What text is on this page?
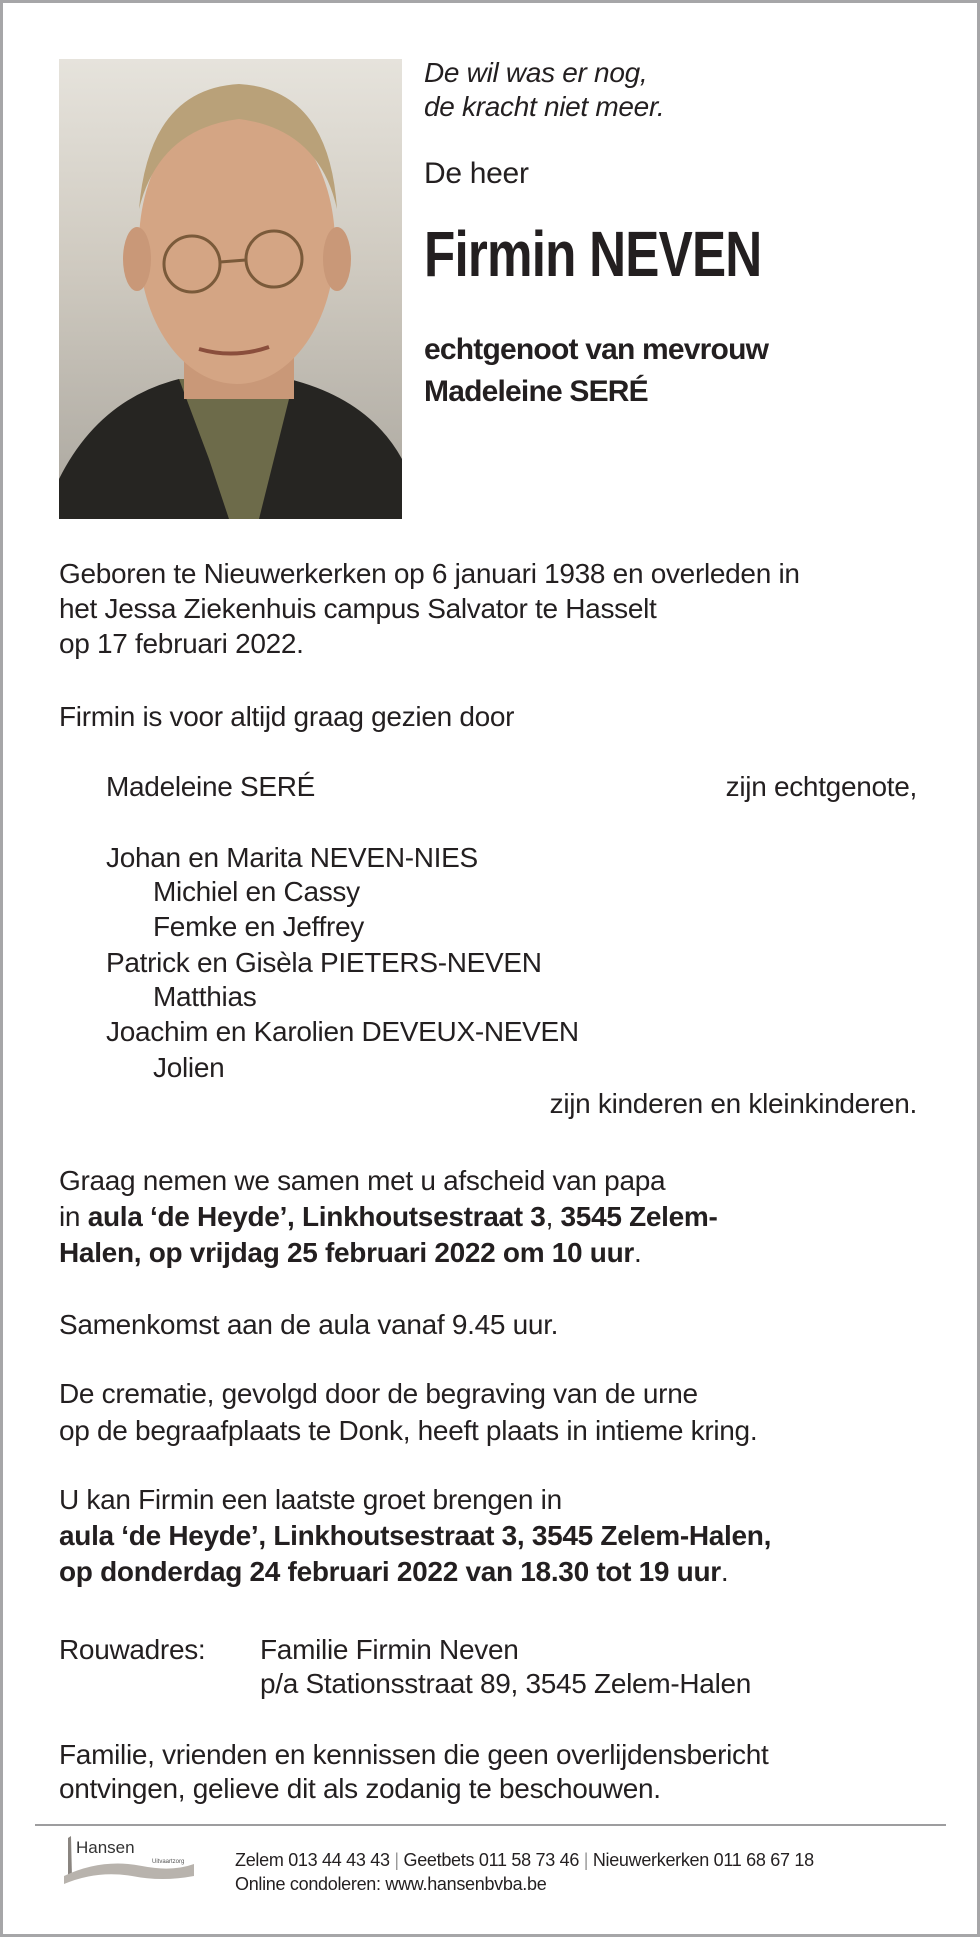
De wil was er nog,
de kracht niet meer.
De heer
Firmin NEVEN
echtgenoot van mevrouw
Madeleine SERÉ
Geboren te Nieuwerkerken op 6 januari 1938 en overleden in
het Jessa Ziekenhuis campus Salvator te Hasselt
op 17 februari 2022.
Firmin is voor altijd graag gezien door
Madeleine SERÉ	zijn echtgenote,
Johan en Marita NEVEN-NIES
Michiel en Cassy
Femke en Jeffrey
Patrick en Gisèla PIETERS-NEVEN
Matthias
Joachim en Karolien DEVEUX-NEVEN
Jolien
zijn kinderen en kleinkinderen.
Graag nemen we samen met u afscheid van papa
in aula ‘de Heyde’, Linkhoutsestraat 3, 3545 Zelem-
Halen, op vrijdag 25 februari 2022 om 10 uur.
Samenkomst aan de aula vanaf 9.45 uur.
De crematie, gevolgd door de begraving van de urne
op de begraafplaats te Donk, heeft plaats in intieme kring.
U kan Firmin een laatste groet brengen in
aula ‘de Heyde’, Linkhoutsestraat 3, 3545 Zelem-Halen,
op donderdag 24 februari 2022 van 18.30 tot 19 uur.
Rouwadres: Familie Firmin Neven
p/a Stationsstraat 89, 3545 Zelem-Halen
Familie, vrienden en kennissen die geen overlijdensbericht
ontvingen, gelieve dit als zodanig te beschouwen.
Hansen
Uitvaartzorg	Zelem 013 44 43 43 | Geetbets 011 58 73 46 | Nieuwerkerken 011 68 67 18
Online condoleren: www.hansenbvba.be
